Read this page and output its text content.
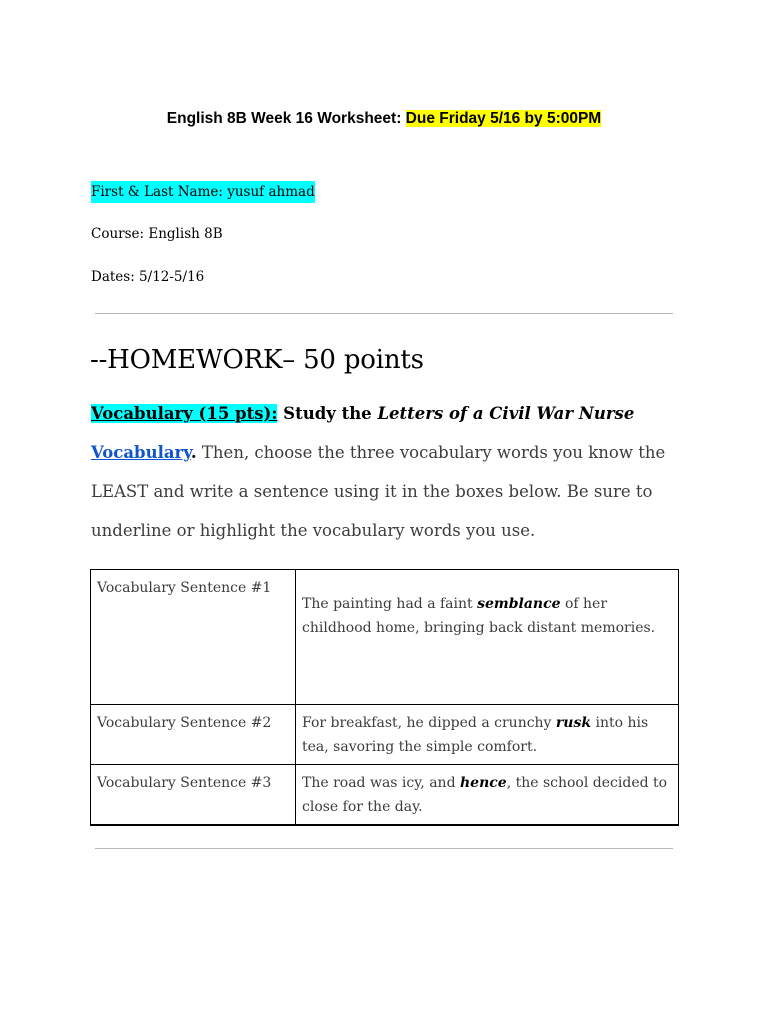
English 8B Week 16 Worksheet: Due Friday 5/16 by 5:00PM
First & Last Name: yusuf ahmad
Course: English 8B
Dates: 5/12-5/16
--HOMEWORK– 50 points
Vocabulary (15 pts): Study the Letters of a Civil War Nurse
Vocabulary. Then, choose the three vocabulary words you know the LEAST and write a sentence using it in the boxes below. Be sure to underline or highlight the vocabulary words you use.
Vocabulary Sentence #1	The painting had a faint semblance of her childhood home, bringing back distant memories.
Vocabulary Sentence #2	For breakfast, he dipped a crunchy rusk into his tea, savoring the simple comfort.
Vocabulary Sentence #3	The road was icy, and hence, the school decided to close for the day.
